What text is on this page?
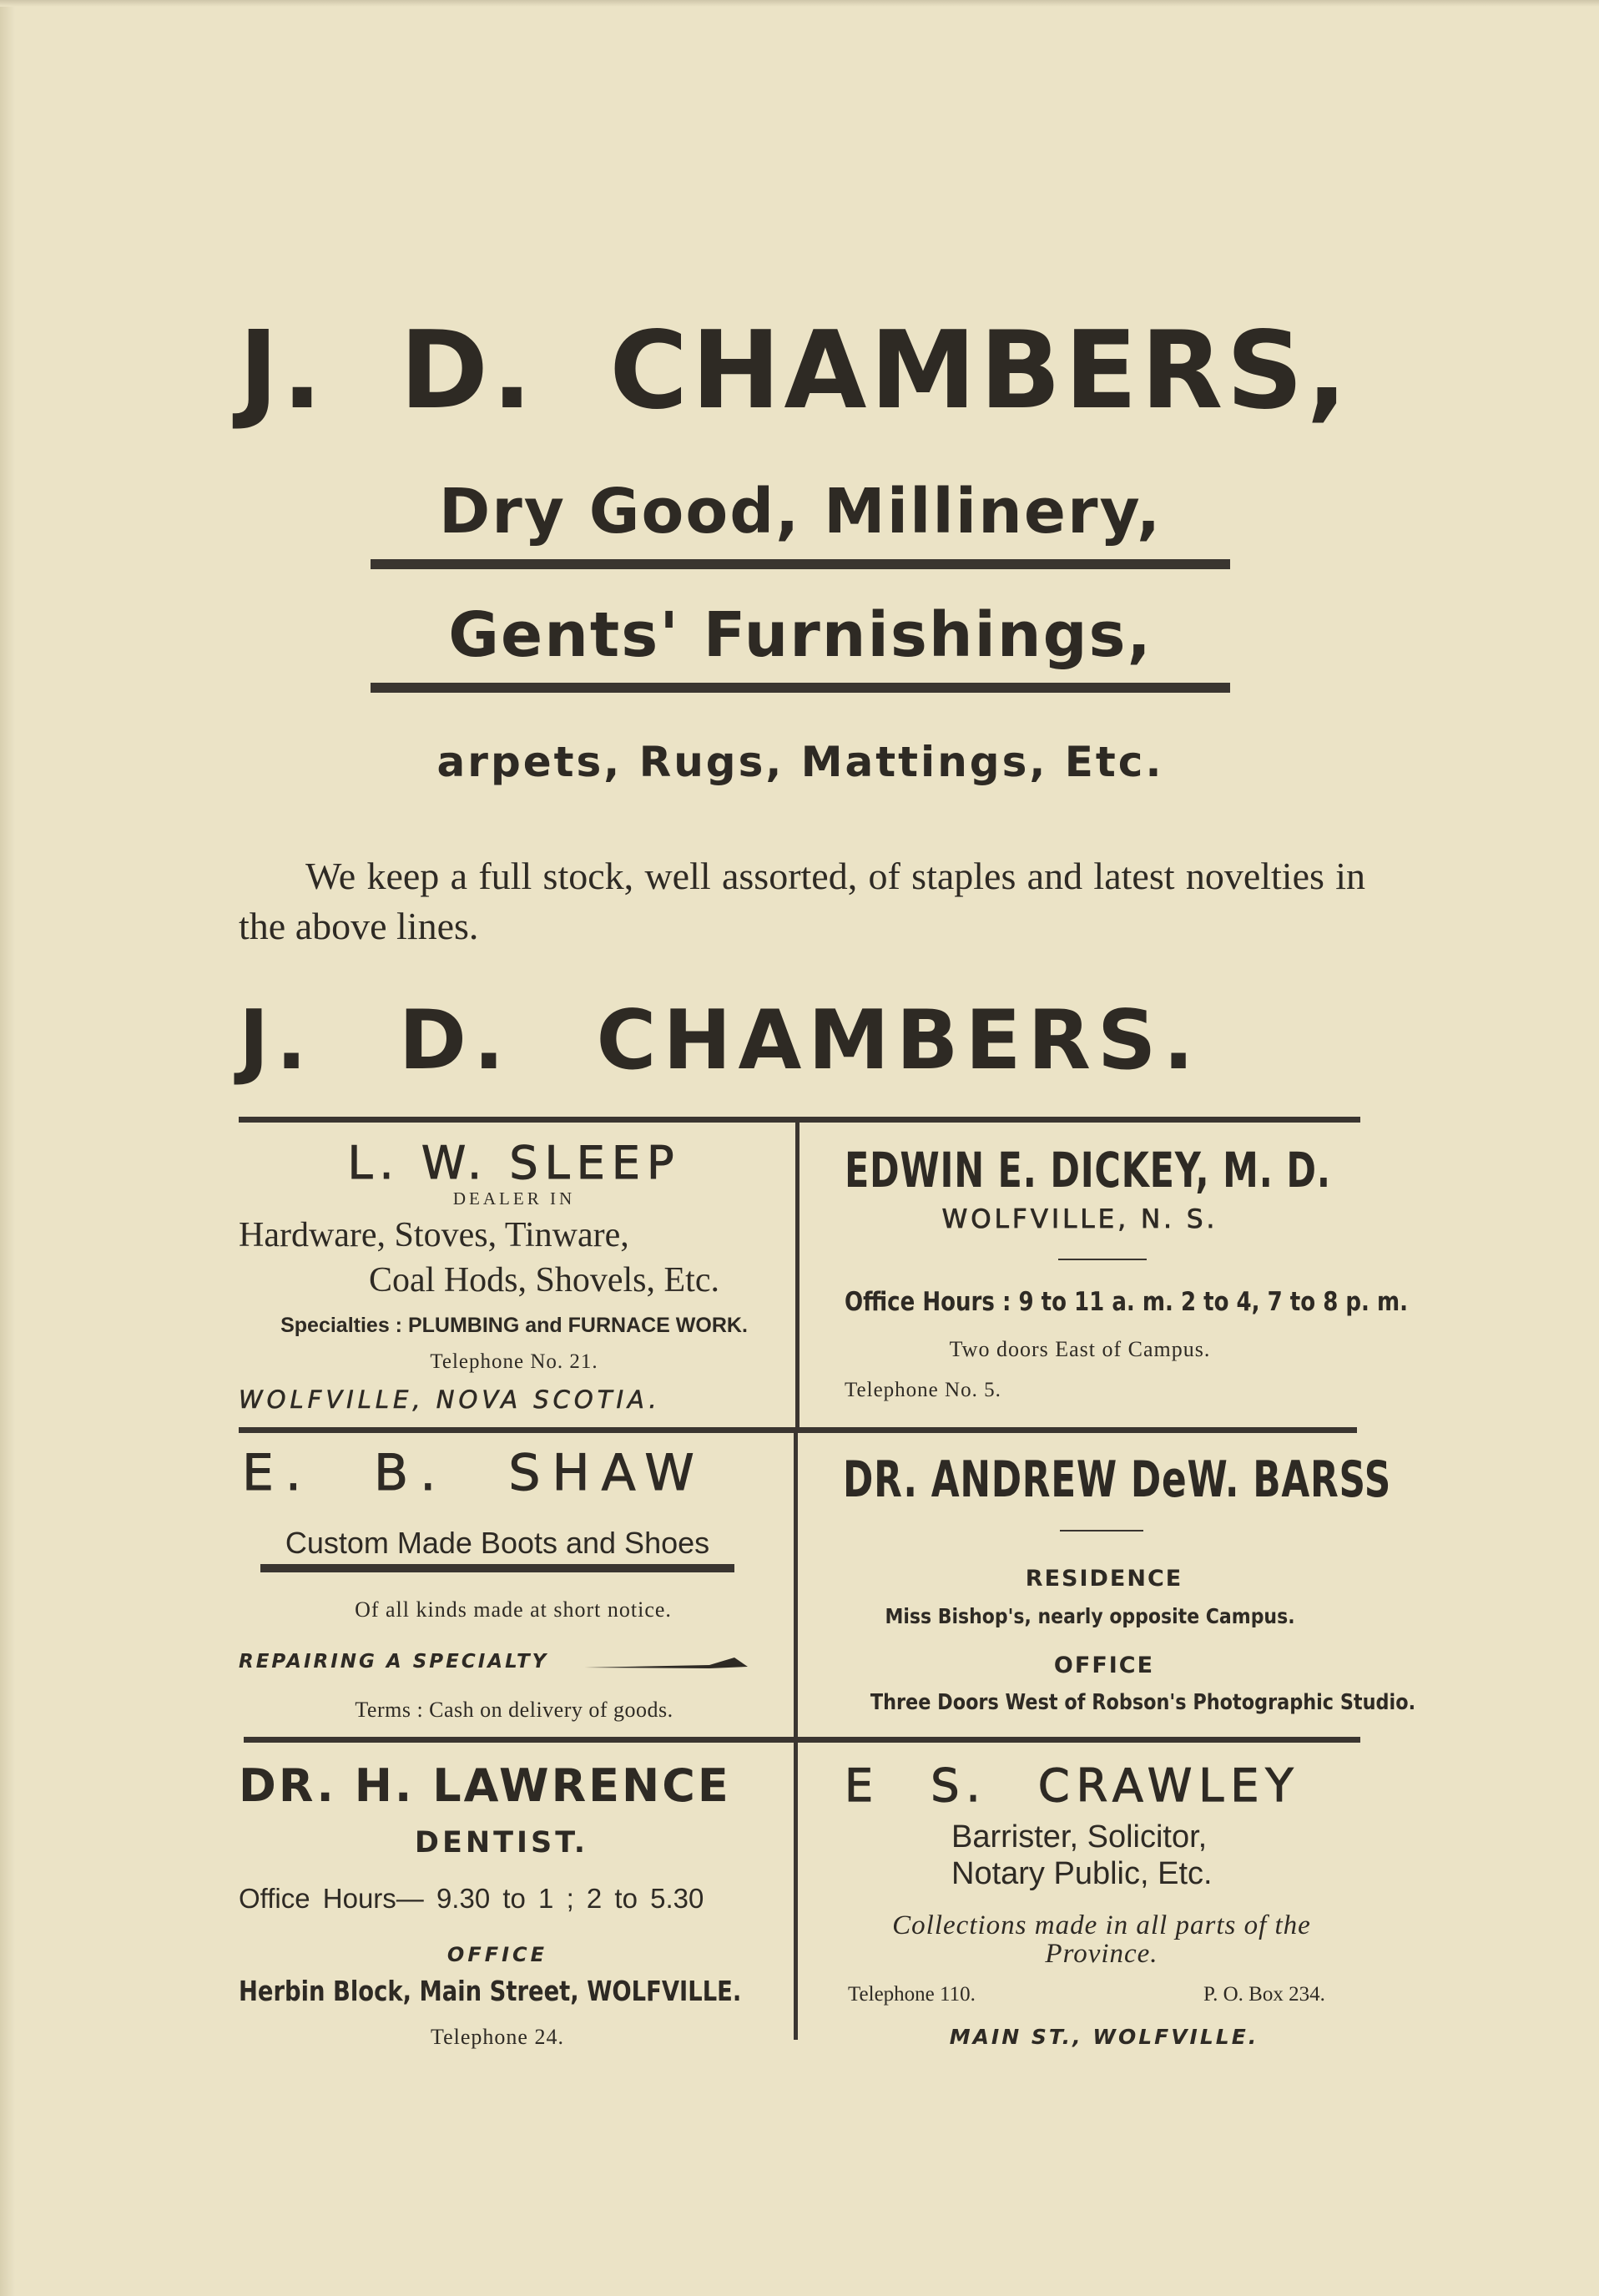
J. D. CHAMBERS,
Dry Good, Millinery,
Gents' Furnishings,
arpets, Rugs, Mattings, Etc.
We keep a full stock, well assorted, of staples and latest novelties in the above lines.
J. D. CHAMBERS.
L. W. SLEEP
DEALER IN
Hardware, Stoves, Tinware,
Coal Hods, Shovels, Etc.
Specialties : PLUMBING and FURNACE WORK.
Telephone No. 21.
WOLFVILLE, NOVA SCOTIA.
EDWIN E. DICKEY, M. D.
WOLFVILLE, N. S.
Office Hours : 9 to 11 a. m. 2 to 4, 7 to 8 p. m.
Two doors East of Campus.
Telephone No. 5.
E. B. SHAW
Custom Made Boots and Shoes
Of all kinds made at short notice.
REPAIRING A SPECIALTY
Terms : Cash on delivery of goods.
DR. ANDREW DeW. BARSS
RESIDENCE
Miss Bishop's, nearly opposite Campus.
OFFICE
Three Doors West of Robson's Photographic Studio.
DR. H. LAWRENCE
DENTIST.
Office Hours— 9.30 to 1 ; 2 to 5.30
OFFICE
Herbin Block, Main Street, WOLFVILLE.
Telephone 24.
E S. CRAWLEY
Barrister, Solicitor,
Notary Public, Etc.
Collections made in all parts of the Province.
Telephone 110.	P. O. Box 234.
MAIN ST., WOLFVILLE.
